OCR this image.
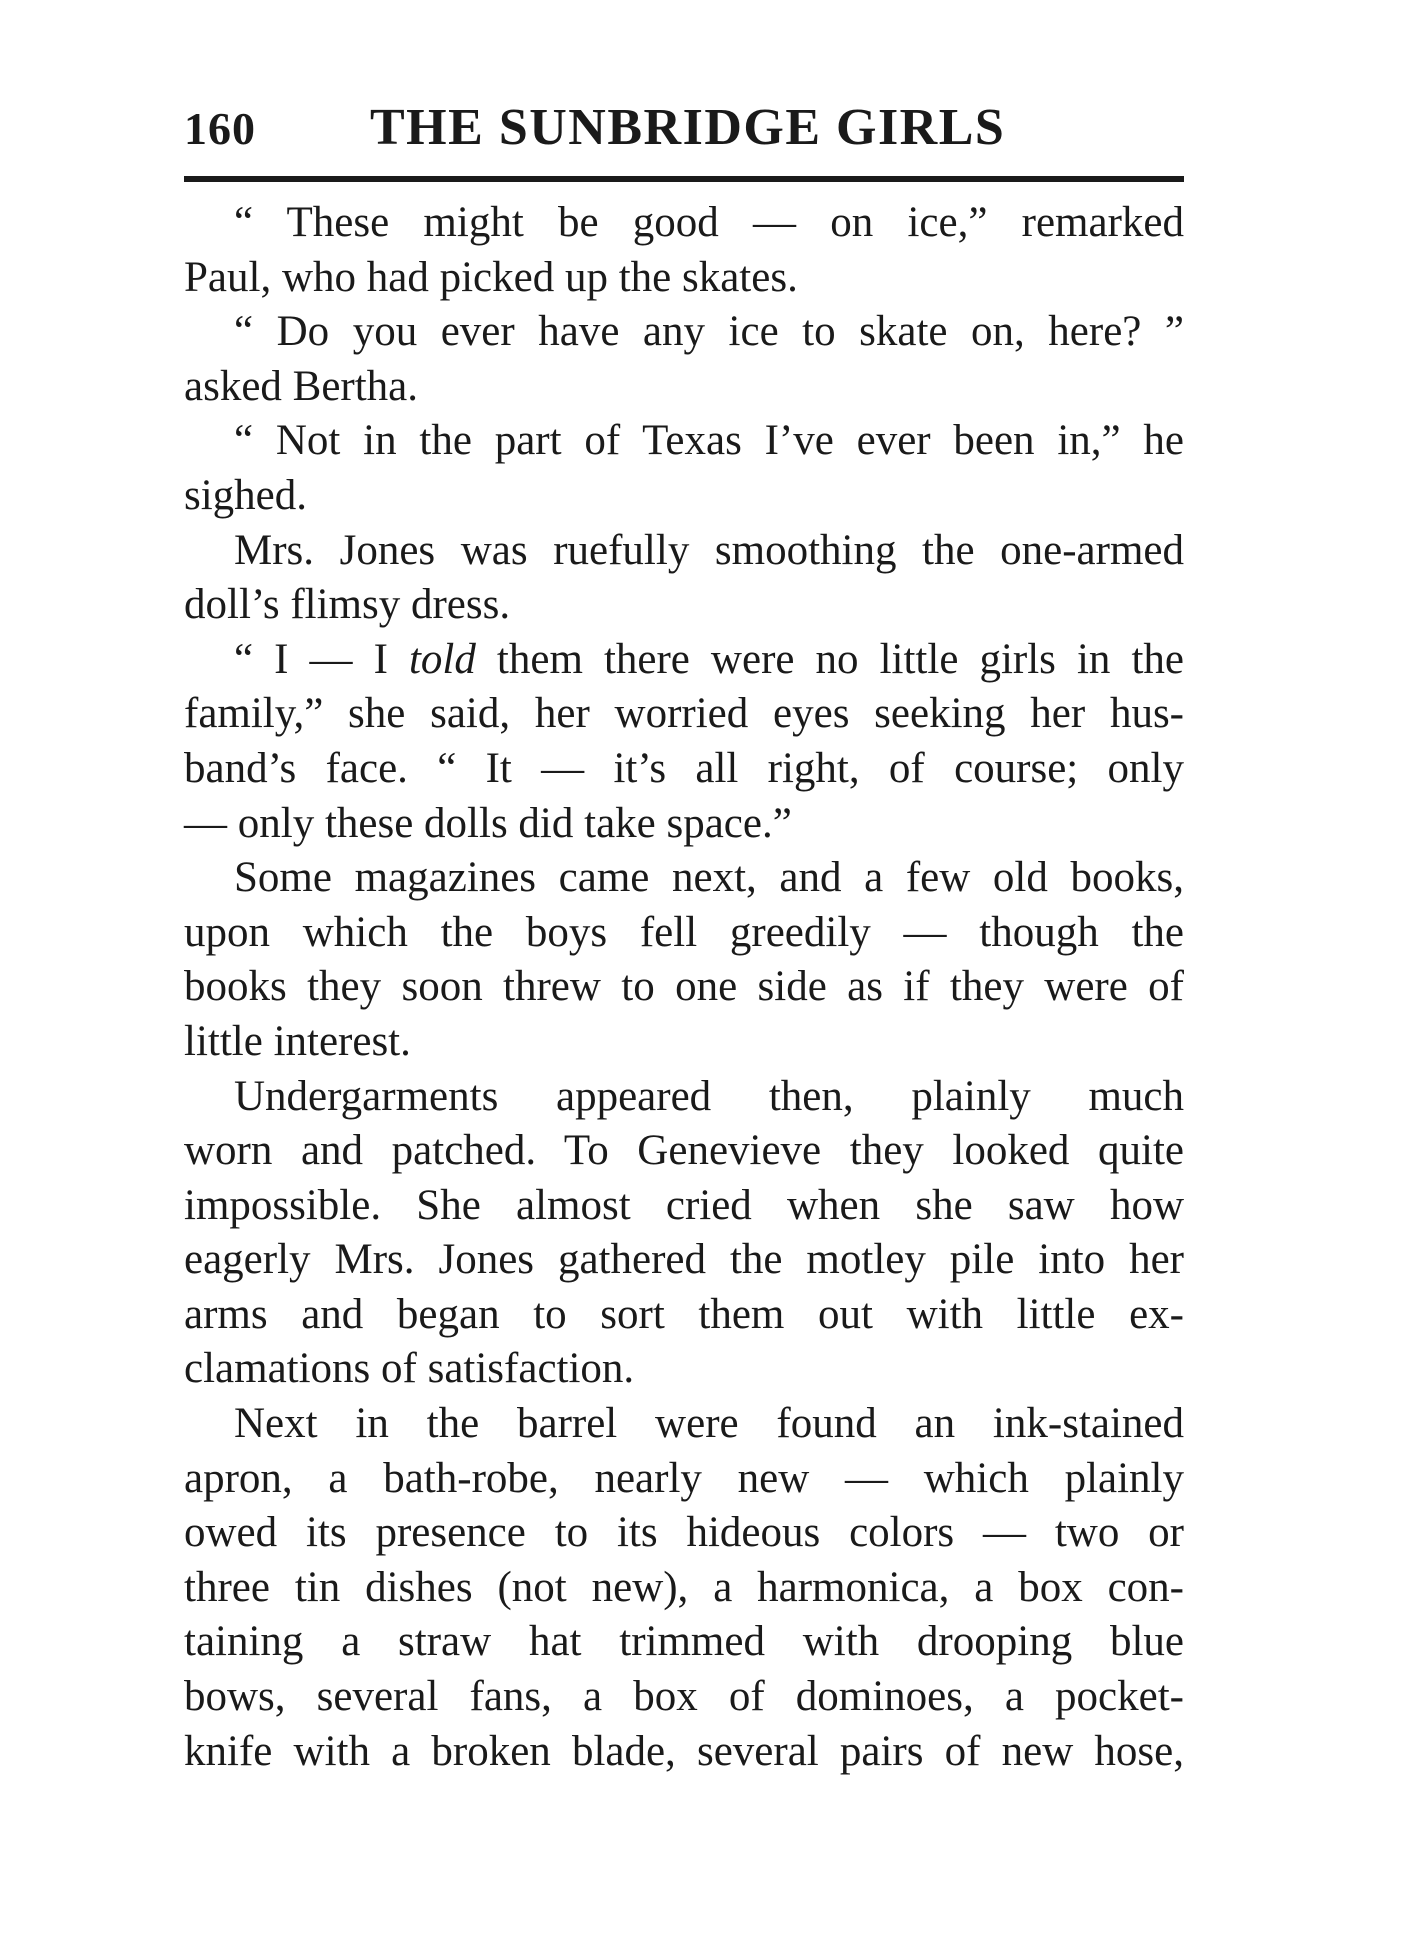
160 THE SUNBRIDGE GIRLS
“ These might be good — on ice,” remarked
Paul, who had picked up the skates.
“ Do you ever have any ice to skate on, here? ”
asked Bertha.
“ Not in the part of Texas I’ve ever been in,” he
sighed.
Mrs. Jones was ruefully smoothing the one-armed
doll’s flimsy dress.
“ I — I told them there were no little girls in the
family,” she said, her worried eyes seeking her hus-
band’s face. “ It — it’s all right, of course; only
— only these dolls did take space.”
Some magazines came next, and a few old books,
upon which the boys fell greedily — though the
books they soon threw to one side as if they were of
little interest.
Undergarments appeared then, plainly much
worn and patched. To Genevieve they looked quite
impossible. She almost cried when she saw how
eagerly Mrs. Jones gathered the motley pile into her
arms and began to sort them out with little ex-
clamations of satisfaction.
Next in the barrel were found an ink-stained
apron, a bath-robe, nearly new — which plainly
owed its presence to its hideous colors — two or
three tin dishes (not new), a harmonica, a box con-
taining a straw hat trimmed with drooping blue
bows, several fans, a box of dominoes, a pocket-
knife with a broken blade, several pairs of new hose,
